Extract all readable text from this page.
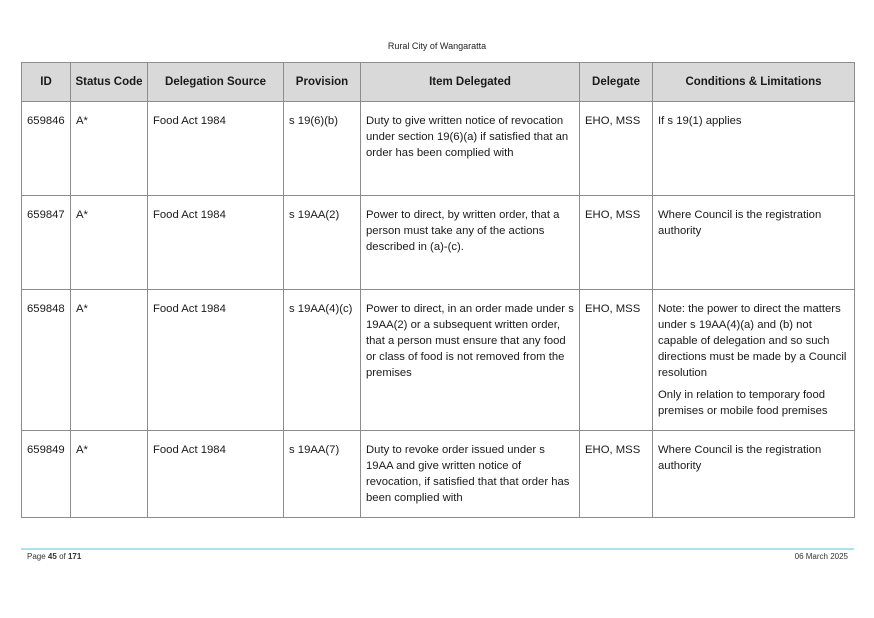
Rural City of Wangaratta
ID	Status Code	Delegation Source	Provision	Item Delegated	Delegate	Conditions & Limitations
659846	A*	Food Act 1984	s 19(6)(b)	Duty to give written notice of revocation under section 19(6)(a) if satisfied that an order has been complied with	EHO, MSS	If s 19(1) applies

659847	A*	Food Act 1984	s 19AA(2)	Power to direct, by written order, that a person must take any of the actions described in (a)-(c).	EHO, MSS	Where Council is the registration authority

659848	A*	Food Act 1984	s 19AA(4)(c)	Power to direct, in an order made under s 19AA(2) or a subsequent written order, that a person must ensure that any food or class of food is not removed from the premises	EHO, MSS	Note: the power to direct the matters under s 19AA(4)(a) and (b) not capable of delegation and so such directions must be made by a Council resolution
Only in relation to temporary food premises or mobile food premises

659849	A*	Food Act 1984	s 19AA(7)	Duty to revoke order issued under s 19AA and give written notice of revocation, if satisfied that that order has been complied with	EHO, MSS	Where Council is the registration authority
Page 45 of 171	06 March 2025
